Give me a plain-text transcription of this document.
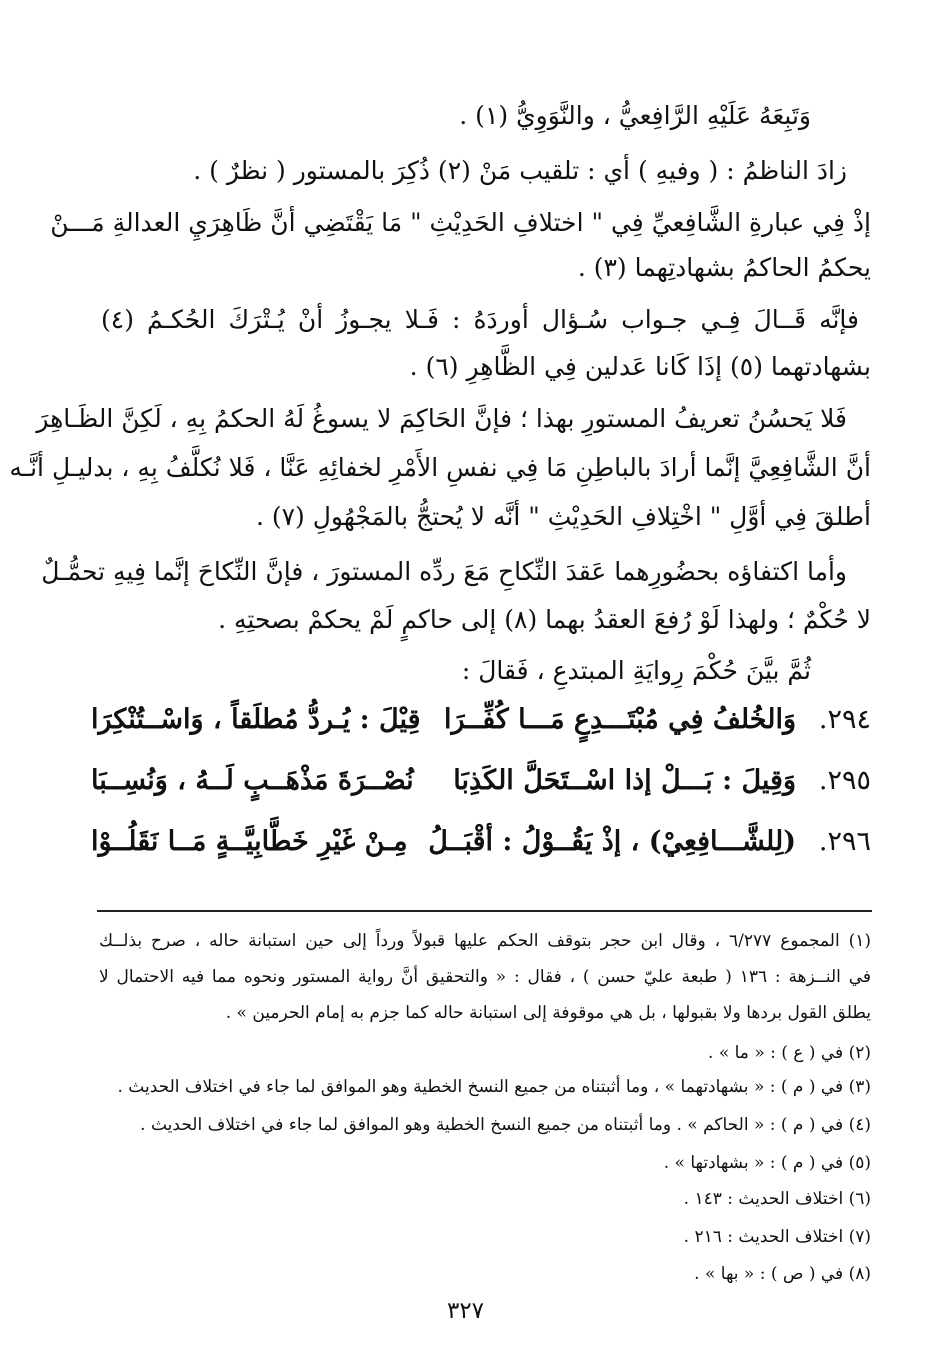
وَتَبِعَهُ عَلَيْهِ الرَّافِعيُّ ، والنَّوَوِيُّ (١) .
زادَ الناظمُ : ( وفيهِ ) أي : تلقيب مَنْ (٢) ذُكِرَ بالمستور ( نظرٌ ) .
إذْ فِي عبارةِ الشَّافِعيِّ فِي " اختلافِ الحَدِيْثِ " مَا يَقْتَضِي أنَّ ظَاهِرَيِ العدالةِ مَـــنْ
يحكمُ الحاكمُ بشهادتِهما (٣) .
فإنَّه قَــالَ فِـي جـواب سُـؤال أوردَهُ : فَـلا يجـوزُ أنْ يُـتْرَكَ الحُكـمُ (٤)
بشهادتهما (٥) إذَا كَانا عَدلين فِي الظَّاهِرِ (٦) .
فَلا يَحسُنُ تعريفُ المستورِ بهذا ؛ فإنَّ الحَاكِمَ لا يسوغُ لَهُ الحكمُ بِهِ ، لَكِنَّ الظَـاهِرَ
أنَّ الشَّافِعِيَّ إنَّما أرادَ بالباطِنِ مَا فِي نفسِ الأَمْرِ لخفائِهِ عَنَّا ، فَلا نُكلَّفُ بِهِ ، بدليـلِ أنَّـه
أطلقَ فِي أوَّلِ " اخْتِلافِ الحَدِيْثِ " أنَّه لا يُحتجُّ بالمَجْهُولِ (٧) .
وأما اكتفاؤه بحضُورِهما عَقدَ النِّكاحِ مَعَ ردِّه المستورَ ، فإنَّ النِّكاحَ إنَّما فِيهِ تحمُّـلٌ
لا حُكْمٌ ؛ ولهذا لَوْ رُفعَ العقدُ بهما (٨) إلى حاكمٍ لَمْ يحكمْ بصحتِهِ .
ثُمَّ بيَّنَ حُكْمَ رِوايَةِ المبتدعِ ، فَقالَ :
٢٩٤.
وَالخُلفُ فِي مُبْتَـــدِعٍ مَـــا كُفِّــرَا
قِيْلَ : يُـردُّ مُطلَقاً ، وَاسْــتُنْكِرَا
٢٩٥.
وَقِيلَ : بَـــلْ إذا اسْــتَحَلَّ الكَذِبَا
نُصْــرَةَ مَذْهَــبٍ لَــهُ ، وَنُسِــبَا
٢٩٦.
(لِلشَّـــافِعِيْ) ، إذْ يَقُــوْلُ : أقْبَــلُ
مِـنْ غَيْرِ خَطَّابِيَّــةٍ مَــا نَقَلُــوْا
(١) المجموع ٦/٢٧٧ ، وقال ابن حجر بتوقف الحكم عليها قبولاً ورداً إلى حين استبانة حاله ، صرح بذلــك
في النــزهة : ١٣٦ ( طبعة عليّ حسن ) ، فقال : « والتحقيق أنَّ رواية المستور ونحوه مما فيه الاحتمال لا
يطلق القول بردها ولا بقبولها ، بل هي موقوفة إلى استبانة حاله كما جزم به إمام الحرمين » .
(٢) في ( ع ) : « ما » .
(٣) في ( م ) : « بشهادتهما » ، وما أثبتناه من جميع النسخ الخطية وهو الموافق لما جاء في اختلاف الحديث .
(٤) في ( م ) : « الحاكم » . وما أثبتناه من جميع النسخ الخطية وهو الموافق لما جاء في اختلاف الحديث .
(٥) في ( م ) : « بشهادتها » .
(٦) اختلاف الحديث : ١٤٣ .
(٧) اختلاف الحديث : ٢١٦ .
(٨) في ( ص ) : « بها » .
٣٢٧
